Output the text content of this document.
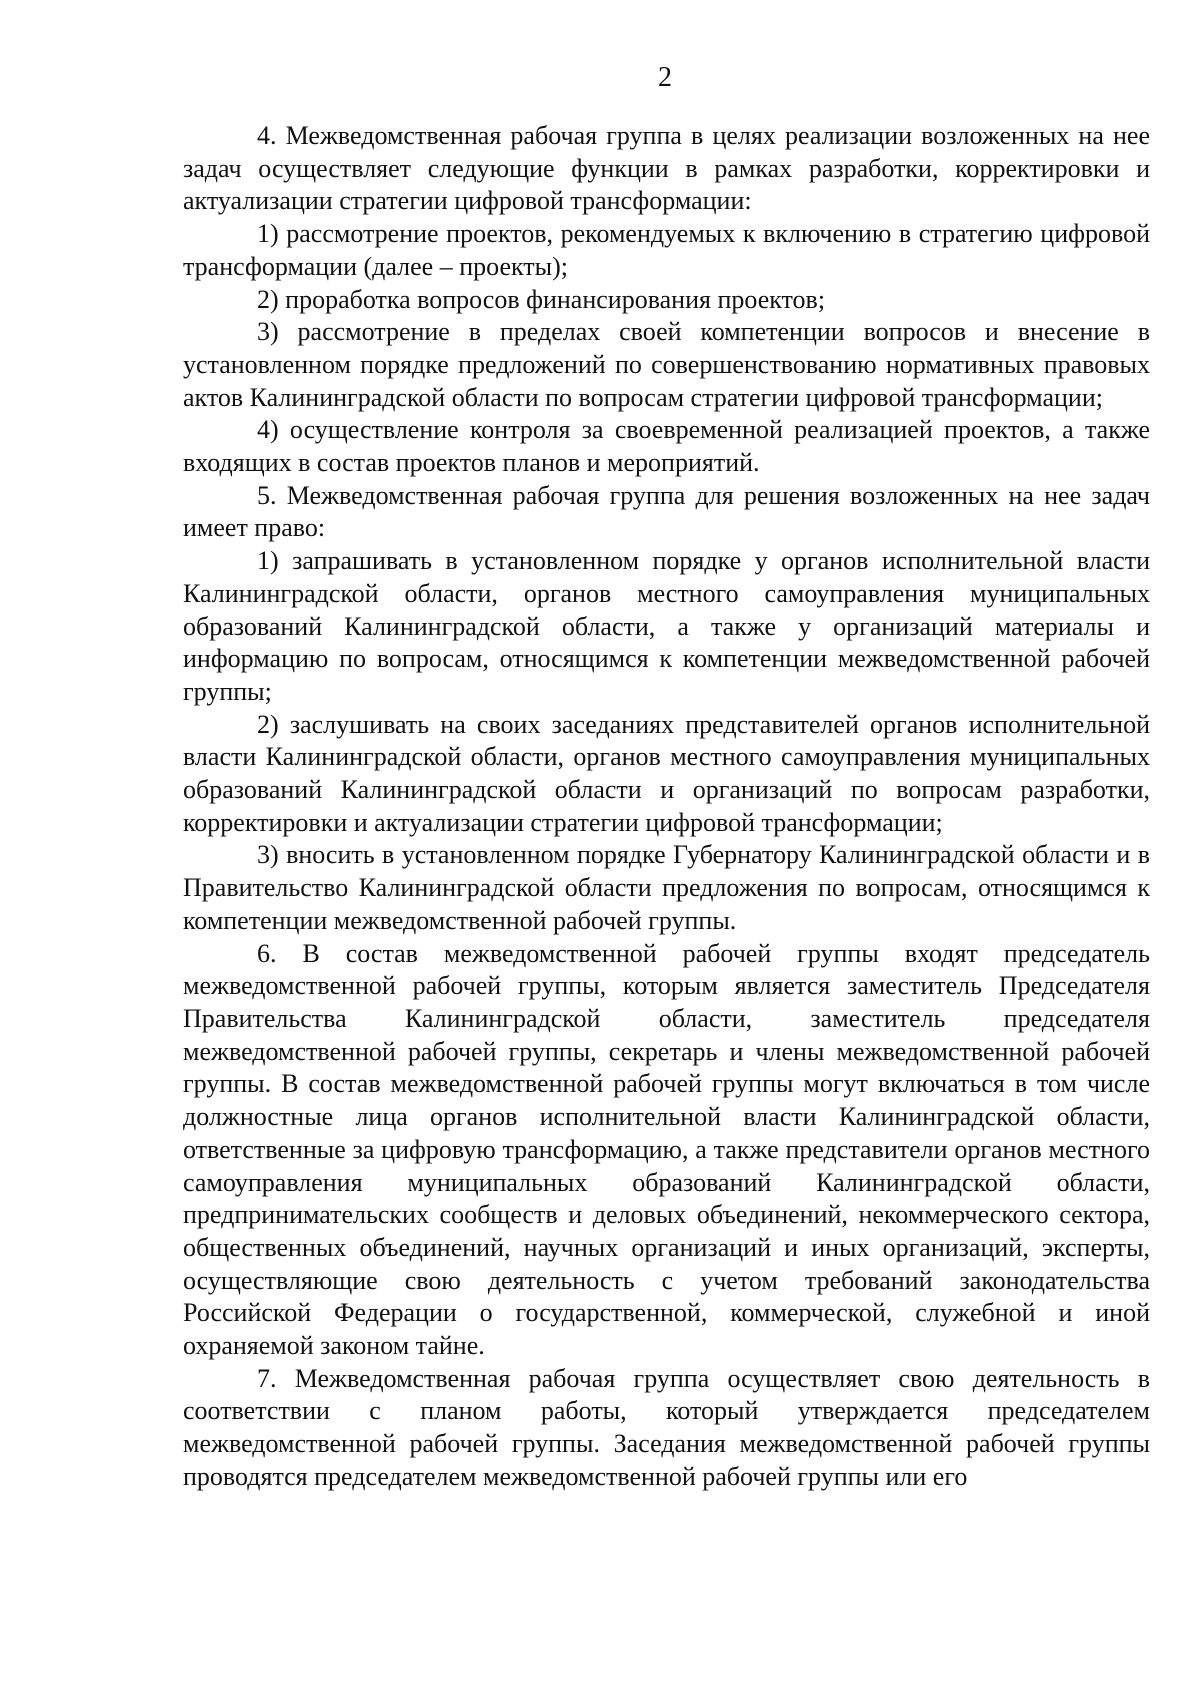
2

4. Межведомственная рабочая группа в целях реализации возложенных на нее задач осуществляет следующие функции в рамках разработки, корректировки и актуализации стратегии цифровой трансформации:

1) рассмотрение проектов, рекомендуемых к включению в стратегию цифровой трансформации (далее – проекты);

2) проработка вопросов финансирования проектов;

3) рассмотрение в пределах своей компетенции вопросов и внесение в установленном порядке предложений по совершенствованию нормативных правовых актов Калининградской области по вопросам стратегии цифровой трансформации;

4) осуществление контроля за своевременной реализацией проектов, а также входящих в состав проектов планов и мероприятий.

5. Межведомственная рабочая группа для решения возложенных на нее задач имеет право:

1) запрашивать в установленном порядке у органов исполнительной власти Калининградской области, органов местного самоуправления муниципальных образований Калининградской области, а также у организаций материалы и информацию по вопросам, относящимся к компетенции межведомственной рабочей группы;

2) заслушивать на своих заседаниях представителей органов исполнительной власти Калининградской области, органов местного самоуправления муниципальных образований Калининградской области и организаций по вопросам разработки, корректировки и актуализации стратегии цифровой трансформации;

3) вносить в установленном порядке Губернатору Калининградской области и в Правительство Калининградской области предложения по вопросам, относящимся к компетенции межведомственной рабочей группы.

6. В состав межведомственной рабочей группы входят председатель межведомственной рабочей группы, которым является заместитель Председателя Правительства Калининградской области, заместитель председателя межведомственной рабочей группы, секретарь и члены межведомственной рабочей группы. В состав межведомственной рабочей группы могут включаться в том числе должностные лица органов исполнительной власти Калининградской области, ответственные за цифровую трансформацию, а также представители органов местного самоуправления муниципальных образований Калининградской области, предпринимательских сообществ и деловых объединений, некоммерческого сектора, общественных объединений, научных организаций и иных организаций, эксперты, осуществляющие свою деятельность с учетом требований законодательства Российской Федерации о государственной, коммерческой, служебной и иной охраняемой законом тайне.

7. Межведомственная рабочая группа осуществляет свою деятельность в соответствии с планом работы, который утверждается председателем межведомственной рабочей группы. Заседания межведомственной рабочей группы проводятся председателем межведомственной рабочей группы или его
